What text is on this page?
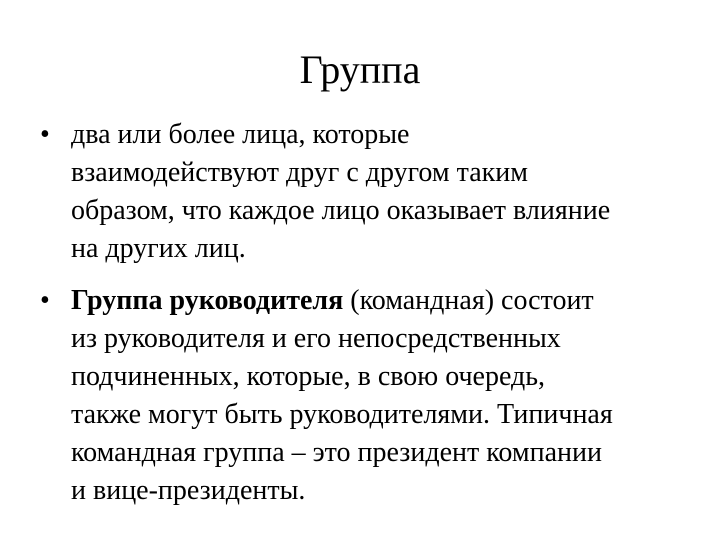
Группа
• два или более лица, которые
взаимодействуют друг с другом таким
образом, что каждое лицо оказывает влияние
на других лиц.
• Группа руководителя (командная) состоит
из руководителя и его непосредственных
подчиненных, которые, в свою очередь,
также могут быть руководителями. Типичная
командная группа – это президент компании
и вице-президенты.
